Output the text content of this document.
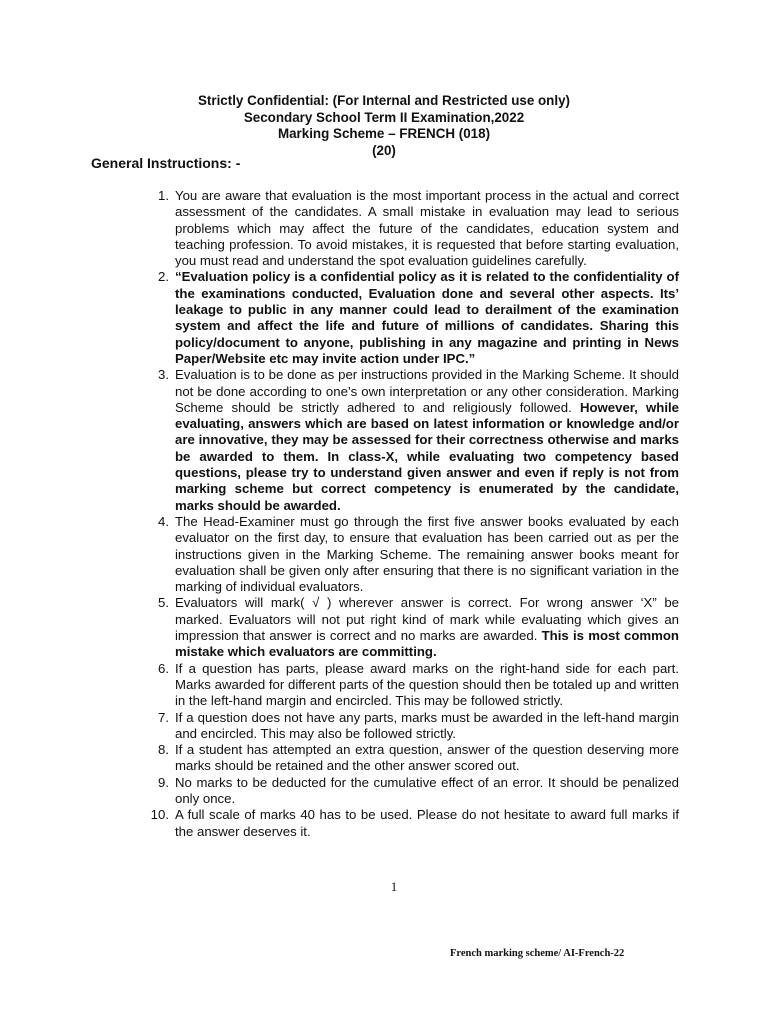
Strictly Confidential: (For Internal and Restricted use only)
Secondary School Term II Examination,2022
Marking Scheme – FRENCH (018)
(20)
General Instructions: -
1. You are aware that evaluation is the most important process in the actual and correct assessment of the candidates. A small mistake in evaluation may lead to serious problems which may affect the future of the candidates, education system and teaching profession. To avoid mistakes, it is requested that before starting evaluation, you must read and understand the spot evaluation guidelines carefully.
2. “Evaluation policy is a confidential policy as it is related to the confidentiality of the examinations conducted, Evaluation done and several other aspects. Its’ leakage to public in any manner could lead to derailment of the examination system and affect the life and future of millions of candidates. Sharing this policy/document to anyone, publishing in any magazine and printing in News Paper/Website etc may invite action under IPC.”
3. Evaluation is to be done as per instructions provided in the Marking Scheme. It should not be done according to one’s own interpretation or any other consideration. Marking Scheme should be strictly adhered to and religiously followed. However, while evaluating, answers which are based on latest information or knowledge and/or are innovative, they may be assessed for their correctness otherwise and marks be awarded to them. In class-X, while evaluating two competency based questions, please try to understand given answer and even if reply is not from marking scheme but correct competency is enumerated by the candidate, marks should be awarded.
4. The Head-Examiner must go through the first five answer books evaluated by each evaluator on the first day, to ensure that evaluation has been carried out as per the instructions given in the Marking Scheme. The remaining answer books meant for evaluation shall be given only after ensuring that there is no significant variation in the marking of individual evaluators.
5. Evaluators will mark( √ ) wherever answer is correct. For wrong answer ‘X” be marked. Evaluators will not put right kind of mark while evaluating which gives an impression that answer is correct and no marks are awarded. This is most common mistake which evaluators are committing.
6. If a question has parts, please award marks on the right-hand side for each part. Marks awarded for different parts of the question should then be totaled up and written in the left-hand margin and encircled. This may be followed strictly.
7. If a question does not have any parts, marks must be awarded in the left-hand margin and encircled. This may also be followed strictly.
8. If a student has attempted an extra question, answer of the question deserving more marks should be retained and the other answer scored out.
9. No marks to be deducted for the cumulative effect of an error. It should be penalized only once.
10. A full scale of marks 40 has to be used. Please do not hesitate to award full marks if the answer deserves it.
1
French marking scheme/ AI-French-22
